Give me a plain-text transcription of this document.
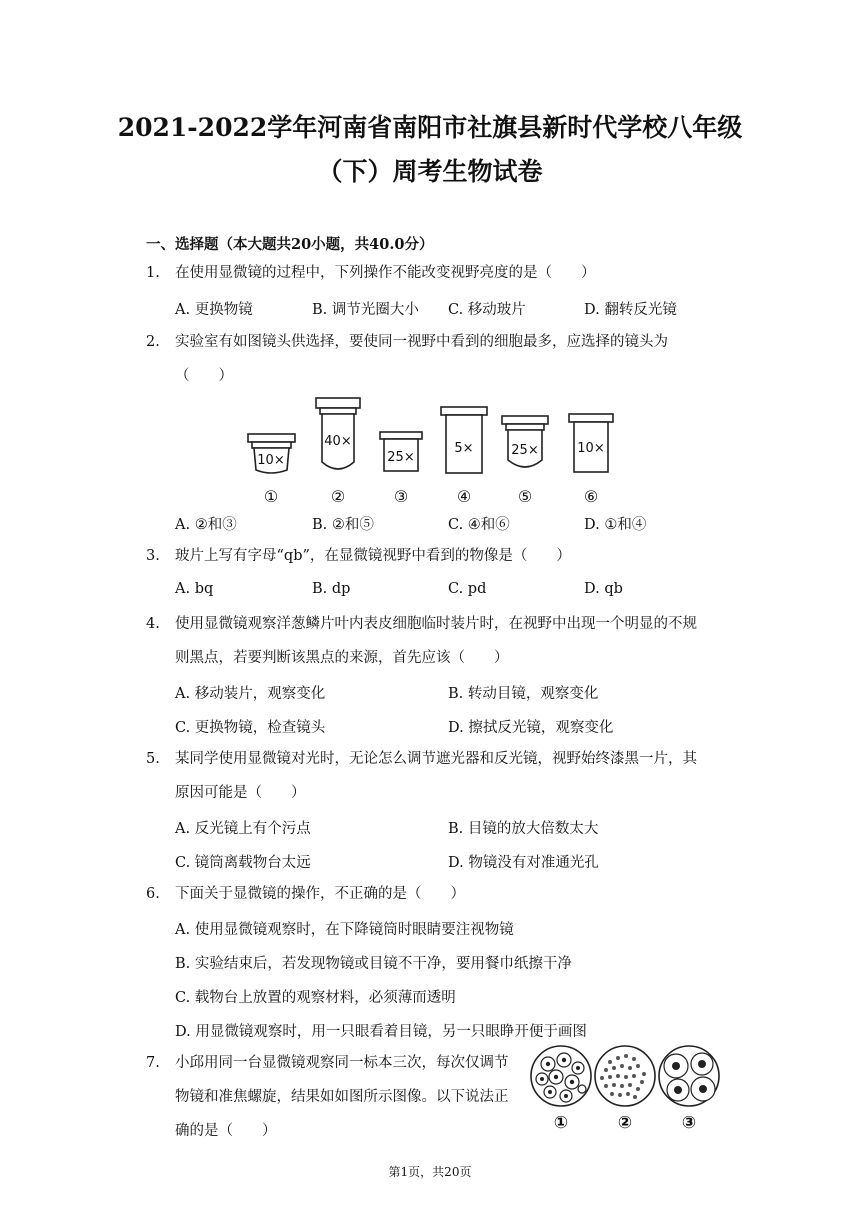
2021-2022学年河南省南阳市社旗县新时代学校八年级
（下）周考生物试卷
一、选择题（本大题共20小题，共40.0分）
1. 在使用显微镜的过程中，下列操作不能改变视野亮度的是（　　）
A. 更换物镜	B. 调节光圈大小 C. 移动玻片	D. 翻转反光镜
2. 实验室有如图镜头供选择，要使同一视野中看到的细胞最多，应选择的镜头为
（　　）
10×
40×
25×
5×	25×	10×
①	②	③	④	⑤	⑥
A. ②和③	B. ②和⑤	C. ④和⑥	D. ①和④
3. 玻片上写有字母“qb”，在显微镜视野中看到的物像是（　　）
A. bq	B. dp	C. pd	D. qb
4. 使用显微镜观察洋葱鳞片叶内表皮细胞临时装片时，在视野中出现一个明显的不规
则黑点，若要判断该黑点的来源，首先应该（　　）
A. 移动装片，观察变化	B. 转动目镜，观察变化
C. 更换物镜，检查镜头	D. 擦拭反光镜，观察变化
5. 某同学使用显微镜对光时，无论怎么调节遮光器和反光镜，视野始终漆黑一片，其
原因可能是（　　）
A. 反光镜上有个污点	B. 目镜的放大倍数太大
C. 镜筒离载物台太远	D. 物镜没有对准通光孔
6. 下面关于显微镜的操作，不正确的是（　　）
A. 使用显微镜观察时，在下降镜筒时眼睛要注视物镜
B. 实验结束后，若发现物镜或目镜不干净，要用餐巾纸擦干净
C. 载物台上放置的观察材料，必须薄而透明
D. 用显微镜观察时，用一只眼看着目镜，另一只眼睁开便于画图
7. 小邱用同一台显微镜观察同一标本三次，每次仅调节
物镜和准焦螺旋，结果如如图所示图像。以下说法正
确的是（　　）	①	②	③
第1页，共20页
